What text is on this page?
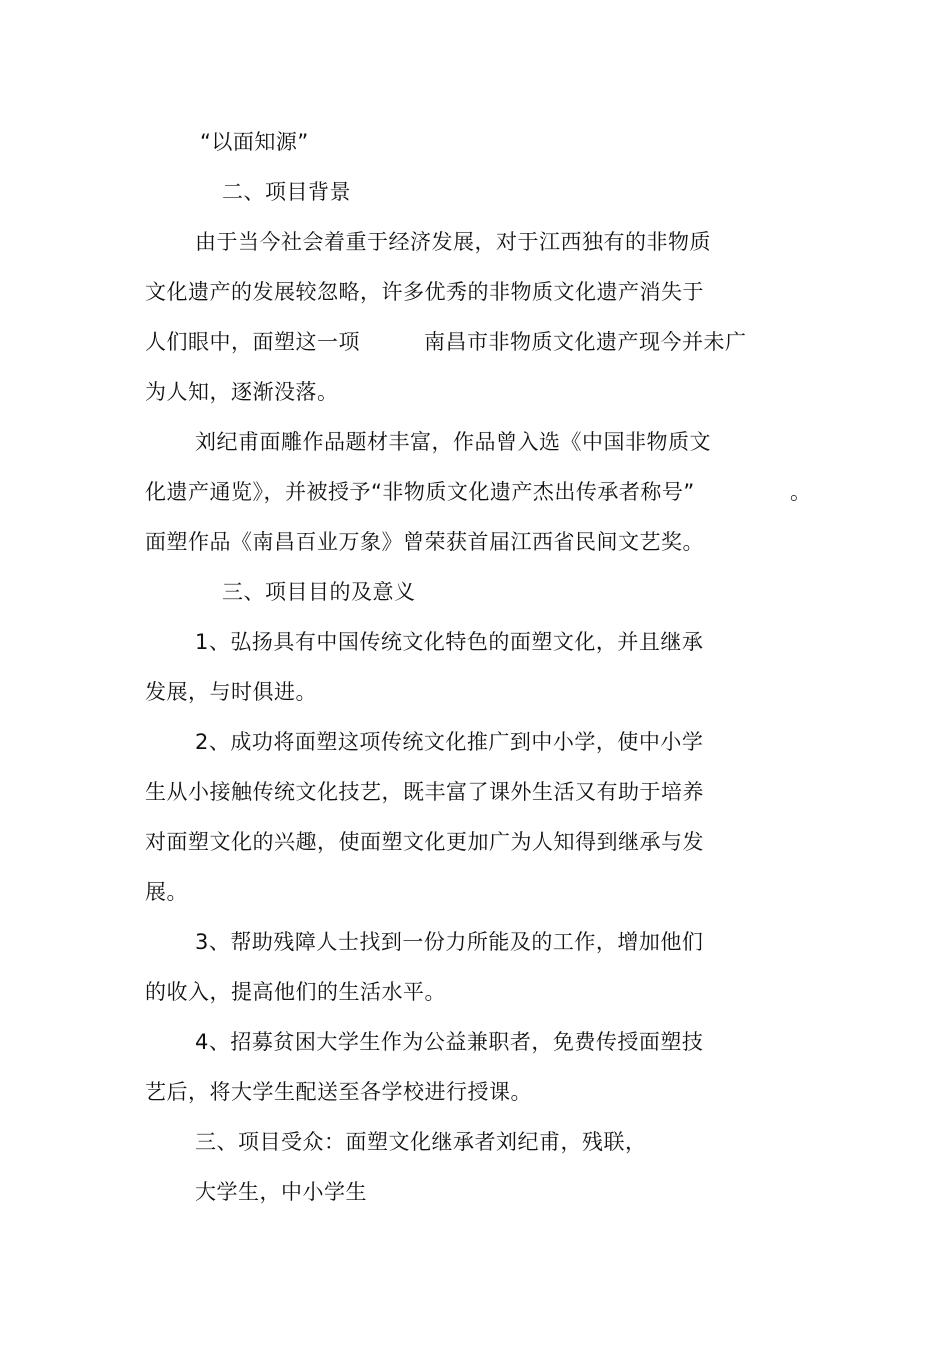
“以面知源”
二、项目背景
由于当今社会着重于经济发展，对于江西独有的非物质
文化遗产的发展较忽略，许多优秀的非物质文化遗产消失于
人们眼中，面塑这一项	南昌市非物质文化遗产现今并未广
为人知，逐渐没落。
刘纪甫面雕作品题材丰富，作品曾入选《中国非物质文
化遗产通览》，并被授予“非物质文化遗产杰出传承者称号”	。
面塑作品《南昌百业万象》曾荣获首届江西省民间文艺奖。
三、项目目的及意义
1、弘扬具有中国传统文化特色的面塑文化，并且继承
发展，与时俱进。
2、成功将面塑这项传统文化推广到中小学，使中小学
生从小接触传统文化技艺，既丰富了课外生活又有助于培养
对面塑文化的兴趣，使面塑文化更加广为人知得到继承与发
展。
3、帮助残障人士找到一份力所能及的工作，增加他们
的收入，提高他们的生活水平。
4、招募贫困大学生作为公益兼职者，免费传授面塑技
艺后，将大学生配送至各学校进行授课。
三、项目受众：面塑文化继承者刘纪甫，残联，
大学生，中小学生
